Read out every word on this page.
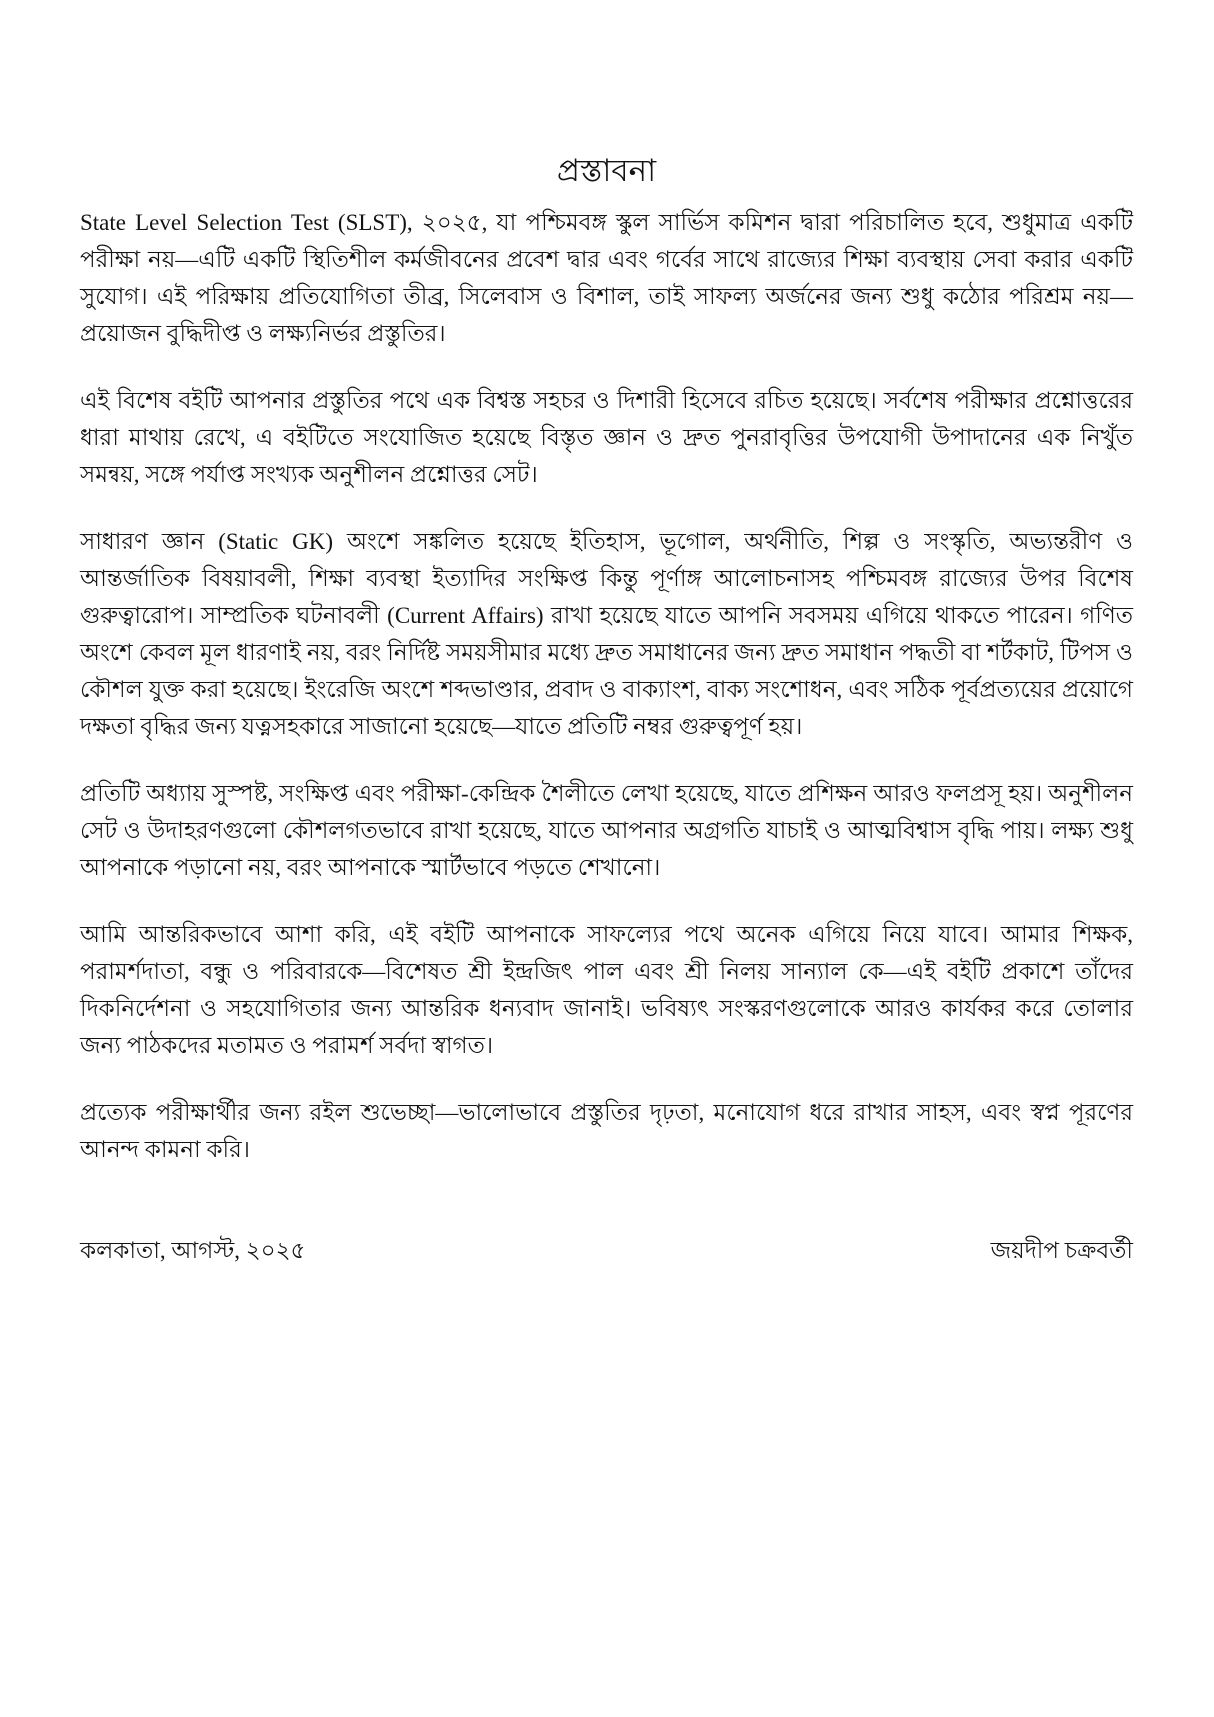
প্রস্তাবনা

State Level Selection Test (SLST), ২০২৫, যা পশ্চিমবঙ্গ স্কুল সার্ভিস কমিশন দ্বারা পরিচালিত হবে, শুধুমাত্র একটি পরীক্ষা নয়—এটি একটি স্থিতিশীল কর্মজীবনের প্রবেশ দ্বার এবং গর্বের সাথে রাজ্যের শিক্ষা ব্যবস্থায় সেবা করার একটি সুযোগ। এই পরিক্ষায় প্রতিযোগিতা তীব্র, সিলেবাস ও বিশাল, তাই সাফল্য অর্জনের জন্য শুধু কঠোর পরিশ্রম নয়—প্রয়োজন বুদ্ধিদীপ্ত ও লক্ষ্যনির্ভর প্রস্তুতির।

এই বিশেষ বইটি আপনার প্রস্তুতির পথে এক বিশ্বস্ত সহচর ও দিশারী হিসেবে রচিত হয়েছে। সর্বশেষ পরীক্ষার প্রশ্নোত্তরের ধারা মাথায় রেখে, এ বইটিতে সংযোজিত হয়েছে বিস্তৃত জ্ঞান ও দ্রুত পুনরাবৃত্তির উপযোগী উপাদানের এক নিখুঁত সমন্বয়, সঙ্গে পর্যাপ্ত সংখ্যক অনুশীলন প্রশ্নোত্তর সেট।

সাধারণ জ্ঞান (Static GK) অংশে সঙ্কলিত হয়েছে ইতিহাস, ভূগোল, অর্থনীতি, শিল্প ও সংস্কৃতি, অভ্যন্তরীণ ও আন্তর্জাতিক বিষয়াবলী, শিক্ষা ব্যবস্থা ইত্যাদির সংক্ষিপ্ত কিন্তু পূর্ণাঙ্গ আলোচনাসহ পশ্চিমবঙ্গ রাজ্যের উপর বিশেষ গুরুত্বারোপ। সাম্প্রতিক ঘটনাবলী (Current Affairs) রাখা হয়েছে যাতে আপনি সবসময় এগিয়ে থাকতে পারেন। গণিত অংশে কেবল মূল ধারণাই নয়, বরং নির্দিষ্ট সময়সীমার মধ্যে দ্রুত সমাধানের জন্য দ্রুত সমাধান পদ্ধতী বা শর্টকাট, টিপস ও কৌশল যুক্ত করা হয়েছে। ইংরেজি অংশে শব্দভাণ্ডার, প্রবাদ ও বাক্যাংশ, বাক্য সংশোধন, এবং সঠিক পূর্বপ্রত্যয়ের প্রয়োগে দক্ষতা বৃদ্ধির জন্য যত্নসহকারে সাজানো হয়েছে—যাতে প্রতিটি নম্বর গুরুত্বপূর্ণ হয়।

প্রতিটি অধ্যায় সুস্পষ্ট, সংক্ষিপ্ত এবং পরীক্ষা-কেন্দ্রিক শৈলীতে লেখা হয়েছে, যাতে প্রশিক্ষন আরও ফলপ্রসূ হয়। অনুশীলন সেট ও উদাহরণগুলো কৌশলগতভাবে রাখা হয়েছে, যাতে আপনার অগ্রগতি যাচাই ও আত্মবিশ্বাস বৃদ্ধি পায়। লক্ষ্য শুধু আপনাকে পড়ানো নয়, বরং আপনাকে স্মার্টভাবে পড়তে শেখানো।

আমি আন্তরিকভাবে আশা করি, এই বইটি আপনাকে সাফল্যের পথে অনেক এগিয়ে নিয়ে যাবে। আমার শিক্ষক, পরামর্শদাতা, বন্ধু ও পরিবারকে—বিশেষত শ্রী ইন্দ্রজিৎ পাল এবং শ্রী নিলয় সান্যাল কে—এই বইটি প্রকাশে তাঁদের দিকনির্দেশনা ও সহযোগিতার জন্য আন্তরিক ধন্যবাদ জানাই। ভবিষ্যৎ সংস্করণগুলোকে আরও কার্যকর করে তোলার জন্য পাঠকদের মতামত ও পরামর্শ সর্বদা স্বাগত।

প্রত্যেক পরীক্ষার্থীর জন্য রইল শুভেচ্ছা—ভালোভাবে প্রস্তুতির দৃঢ়তা, মনোযোগ ধরে রাখার সাহস, এবং স্বপ্ন পূরণের আনন্দ কামনা করি।

কলকাতা, আগস্ট, ২০২৫	জয়দীপ চক্রবর্তী
